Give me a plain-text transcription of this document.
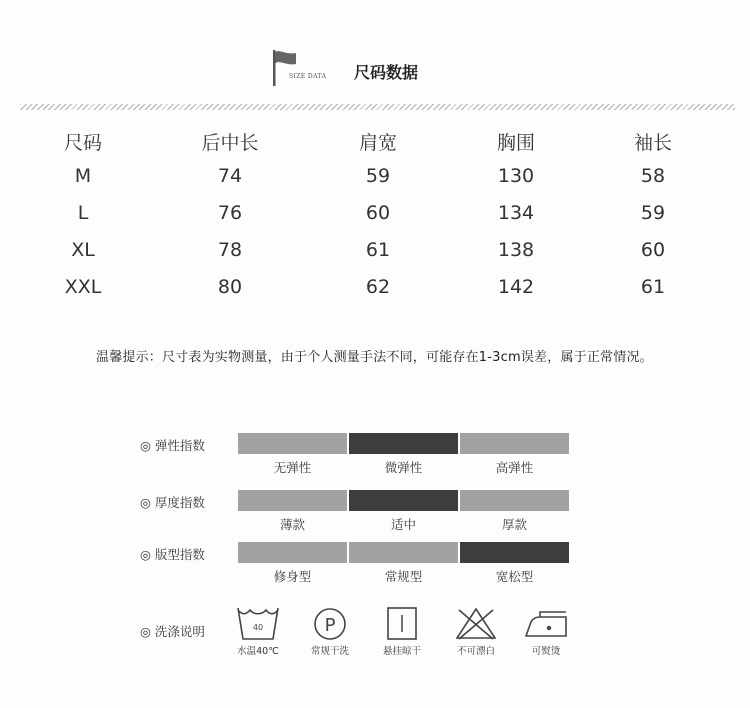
SIZE DATA 尺码数据
尺码	后中长	肩宽	胸围	袖长
M	74	59	130	58
L	76	60	134	59
XL	78	61	138	60
XXL	80	62	142	61
温馨提示：尺寸表为实物测量，由于个人测量手法不同，可能存在1-3cm误差，属于正常情况。
◎ 弹性指数
无弹性	微弹性	高弹性
◎ 厚度指数
薄款	适中	厚款
◎ 版型指数
修身型	常规型	宽松型
◎ 洗涤说明	40
水温40℃
P
常规干洗	悬挂晾干	不可漂白	可熨烫
